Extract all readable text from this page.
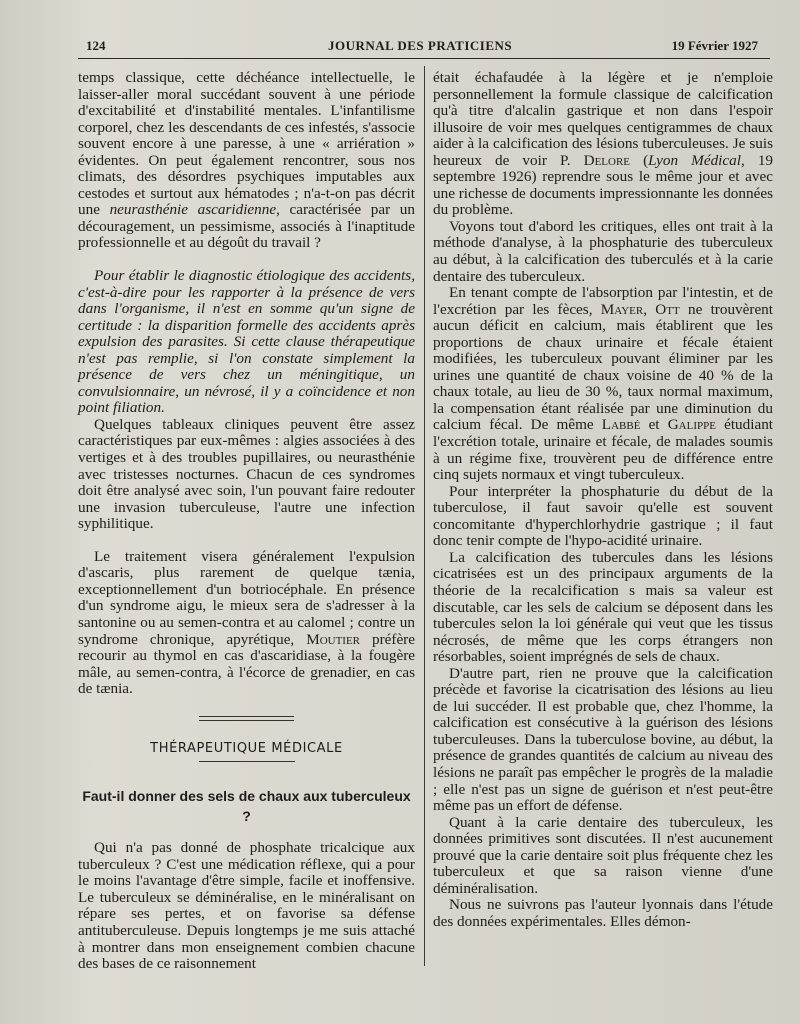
124	JOURNAL DES PRATICIENS	19 Février 1927

temps classique, cette déchéance intellectuelle, le laisser-aller moral succédant souvent à une période d'excitabilité et d'instabilité mentales. L'infantilisme corporel, chez les descendants de ces infestés, s'associe souvent encore à une paresse, à une « arriération » évidentes. On peut également rencontrer, sous nos climats, des désordres psychiques imputables aux cestodes et surtout aux hématodes ; n'a-t-on pas décrit une neurasthénie ascaridienne, caractérisée par un découragement, un pessimisme, associés à l'inaptitude professionnelle et au dégoût du travail ?

Pour établir le diagnostic étiologique des accidents, c'est-à-dire pour les rapporter à la présence de vers dans l'organisme, il n'est en somme qu'un signe de certitude : la disparition formelle des accidents après expulsion des parasites. Si cette clause thérapeutique n'est pas remplie, si l'on constate simplement la présence de vers chez un méningitique, un convulsionnaire, un névrosé, il y a coïncidence et non point filiation.

Quelques tableaux cliniques peuvent être assez caractéristiques par eux-mêmes : algies associées à des vertiges et à des troubles pupillaires, ou neurasthénie avec tristesses nocturnes. Chacun de ces syndromes doit être analysé avec soin, l'un pouvant faire redouter une invasion tuberculeuse, l'autre une infection syphilitique.

Le traitement visera généralement l'expulsion d'ascaris, plus rarement de quelque tænia, exceptionnellement d'un botriocéphale. En présence d'un syndrome aigu, le mieux sera de s'adresser à la santonine ou au semen-contra et au calomel ; contre un syndrome chronique, apyrétique, Moutier préfère recourir au thymol en cas d'ascaridiase, à la fougère mâle, au semen-contra, à l'écorce de grenadier, en cas de tænia.

THÉRAPEUTIQUE MÉDICALE
Faut-il donner des sels de chaux aux tuberculeux ?

Qui n'a pas donné de phosphate tricalcique aux tuberculeux ? C'est une médication réflexe, qui a pour le moins l'avantage d'être simple, facile et inoffensive. Le tuberculeux se déminéralise, en le minéralisant on répare ses pertes, et on favorise sa défense antituberculeuse. Depuis longtemps je me suis attaché à montrer dans mon enseignement combien chacune des bases de ce raisonnement

était échafaudée à la légère et je n'emploie personnellement la formule classique de calcification qu'à titre d'alcalin gastrique et non dans l'espoir illusoire de voir mes quelques centigrammes de chaux aider à la calcification des lésions tuberculeuses. Je suis heureux de voir P. Delore (Lyon Médical, 19 septembre 1926) reprendre sous le même jour et avec une richesse de documents impressionnante les données du problème.

Voyons tout d'abord les critiques, elles ont trait à la méthode d'analyse, à la phosphaturie des tuberculeux au début, à la calcification des tuberculés et à la carie dentaire des tuberculeux.

En tenant compte de l'absorption par l'intestin, et de l'excrétion par les fèces, Mayer, Ott ne trouvèrent aucun déficit en calcium, mais établirent que les proportions de chaux urinaire et fécale étaient modifiées, les tuberculeux pouvant éliminer par les urines une quantité de chaux voisine de 40 % de la chaux totale, au lieu de 30 %, taux normal maximum, la compensation étant réalisée par une diminution du calcium fécal. De même Labbé et Galippe étudiant l'excrétion totale, urinaire et fécale, de malades soumis à un régime fixe, trouvèrent peu de différence entre cinq sujets normaux et vingt tuberculeux.

Pour interpréter la phosphaturie du début de la tuberculose, il faut savoir qu'elle est souvent concomitante d'hyperchlorhydrie gastrique ; il faut donc tenir compte de l'hypo-acidité urinaire.

La calcification des tubercules dans les lésions cicatrisées est un des principaux arguments de la théorie de la recalcification s mais sa valeur est discutable, car les sels de calcium se déposent dans les tubercules selon la loi générale qui veut que les tissus nécrosés, de même que les corps étrangers non résorbables, soient imprégnés de sels de chaux.

D'autre part, rien ne prouve que la calcification précède et favorise la cicatrisation des lésions au lieu de lui succéder. Il est probable que, chez l'homme, la calcification est consécutive à la guérison des lésions tuberculeuses. Dans la tuberculose bovine, au début, la présence de grandes quantités de calcium au niveau des lésions ne paraît pas empêcher le progrès de la maladie ; elle n'est pas un signe de guérison et n'est peut-être même pas un effort de défense.

Quant à la carie dentaire des tuberculeux, les données primitives sont discutées. Il n'est aucunement prouvé que la carie dentaire soit plus fréquente chez les tuberculeux et que sa raison vienne d'une déminéralisation.

Nous ne suivrons pas l'auteur lyonnais dans l'étude des données expérimentales. Elles démon-
